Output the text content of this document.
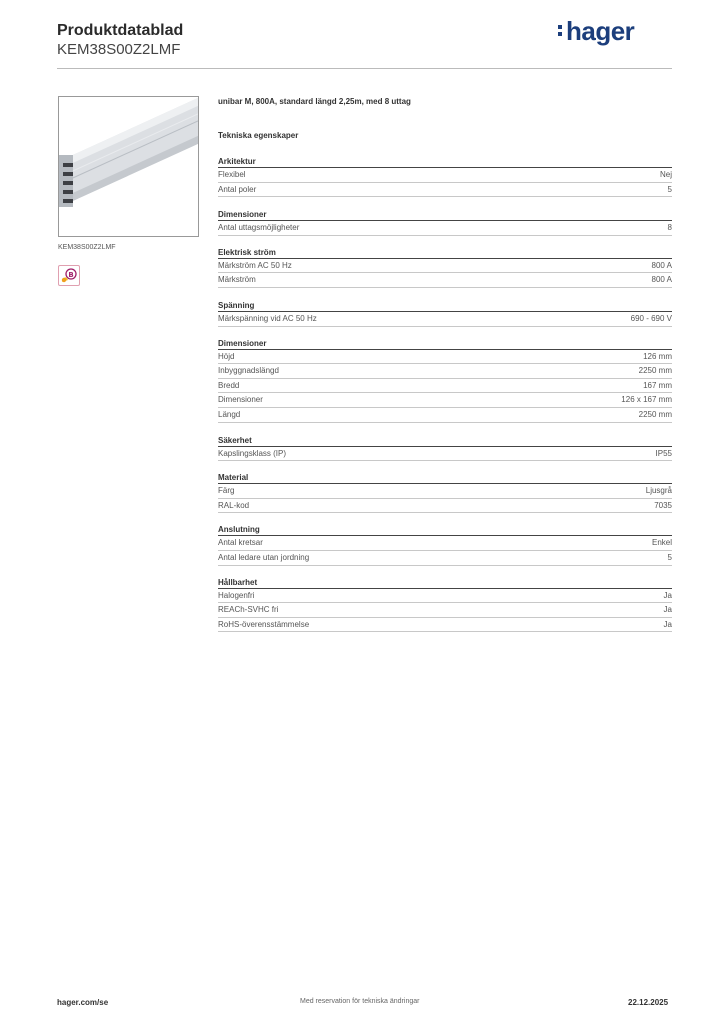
Produktdatablad
KEM38S00Z2LMF
hager
KEM38S00Z2LMF
B
unibar M, 800A, standard längd 2,25m, med 8 uttag
Tekniska egenskaper
Arkitektur
Flexibel	Nej
Antal poler	5
Dimensioner
Antal uttagsmöjligheter	8
Elektrisk ström
Märkström AC 50 Hz	800 A
Märkström	800 A
Spänning
Märkspänning vid AC 50 Hz	690 - 690 V
Dimensioner
Höjd	126 mm
Inbyggnadslängd	2250 mm
Bredd	167 mm
Dimensioner	126 x 167 mm
Längd	2250 mm
Säkerhet
Kapslingsklass (IP)	IP55
Material
Färg	Ljusgrå
RAL-kod	7035
Anslutning
Antal kretsar	Enkel
Antal ledare utan jordning	5
Hållbarhet
Halogenfri	Ja
REACh-SVHC fri	Ja
RoHS-överensstämmelse	Ja
hager.com/se	Med reservation för tekniska ändringar	22.12.2025
